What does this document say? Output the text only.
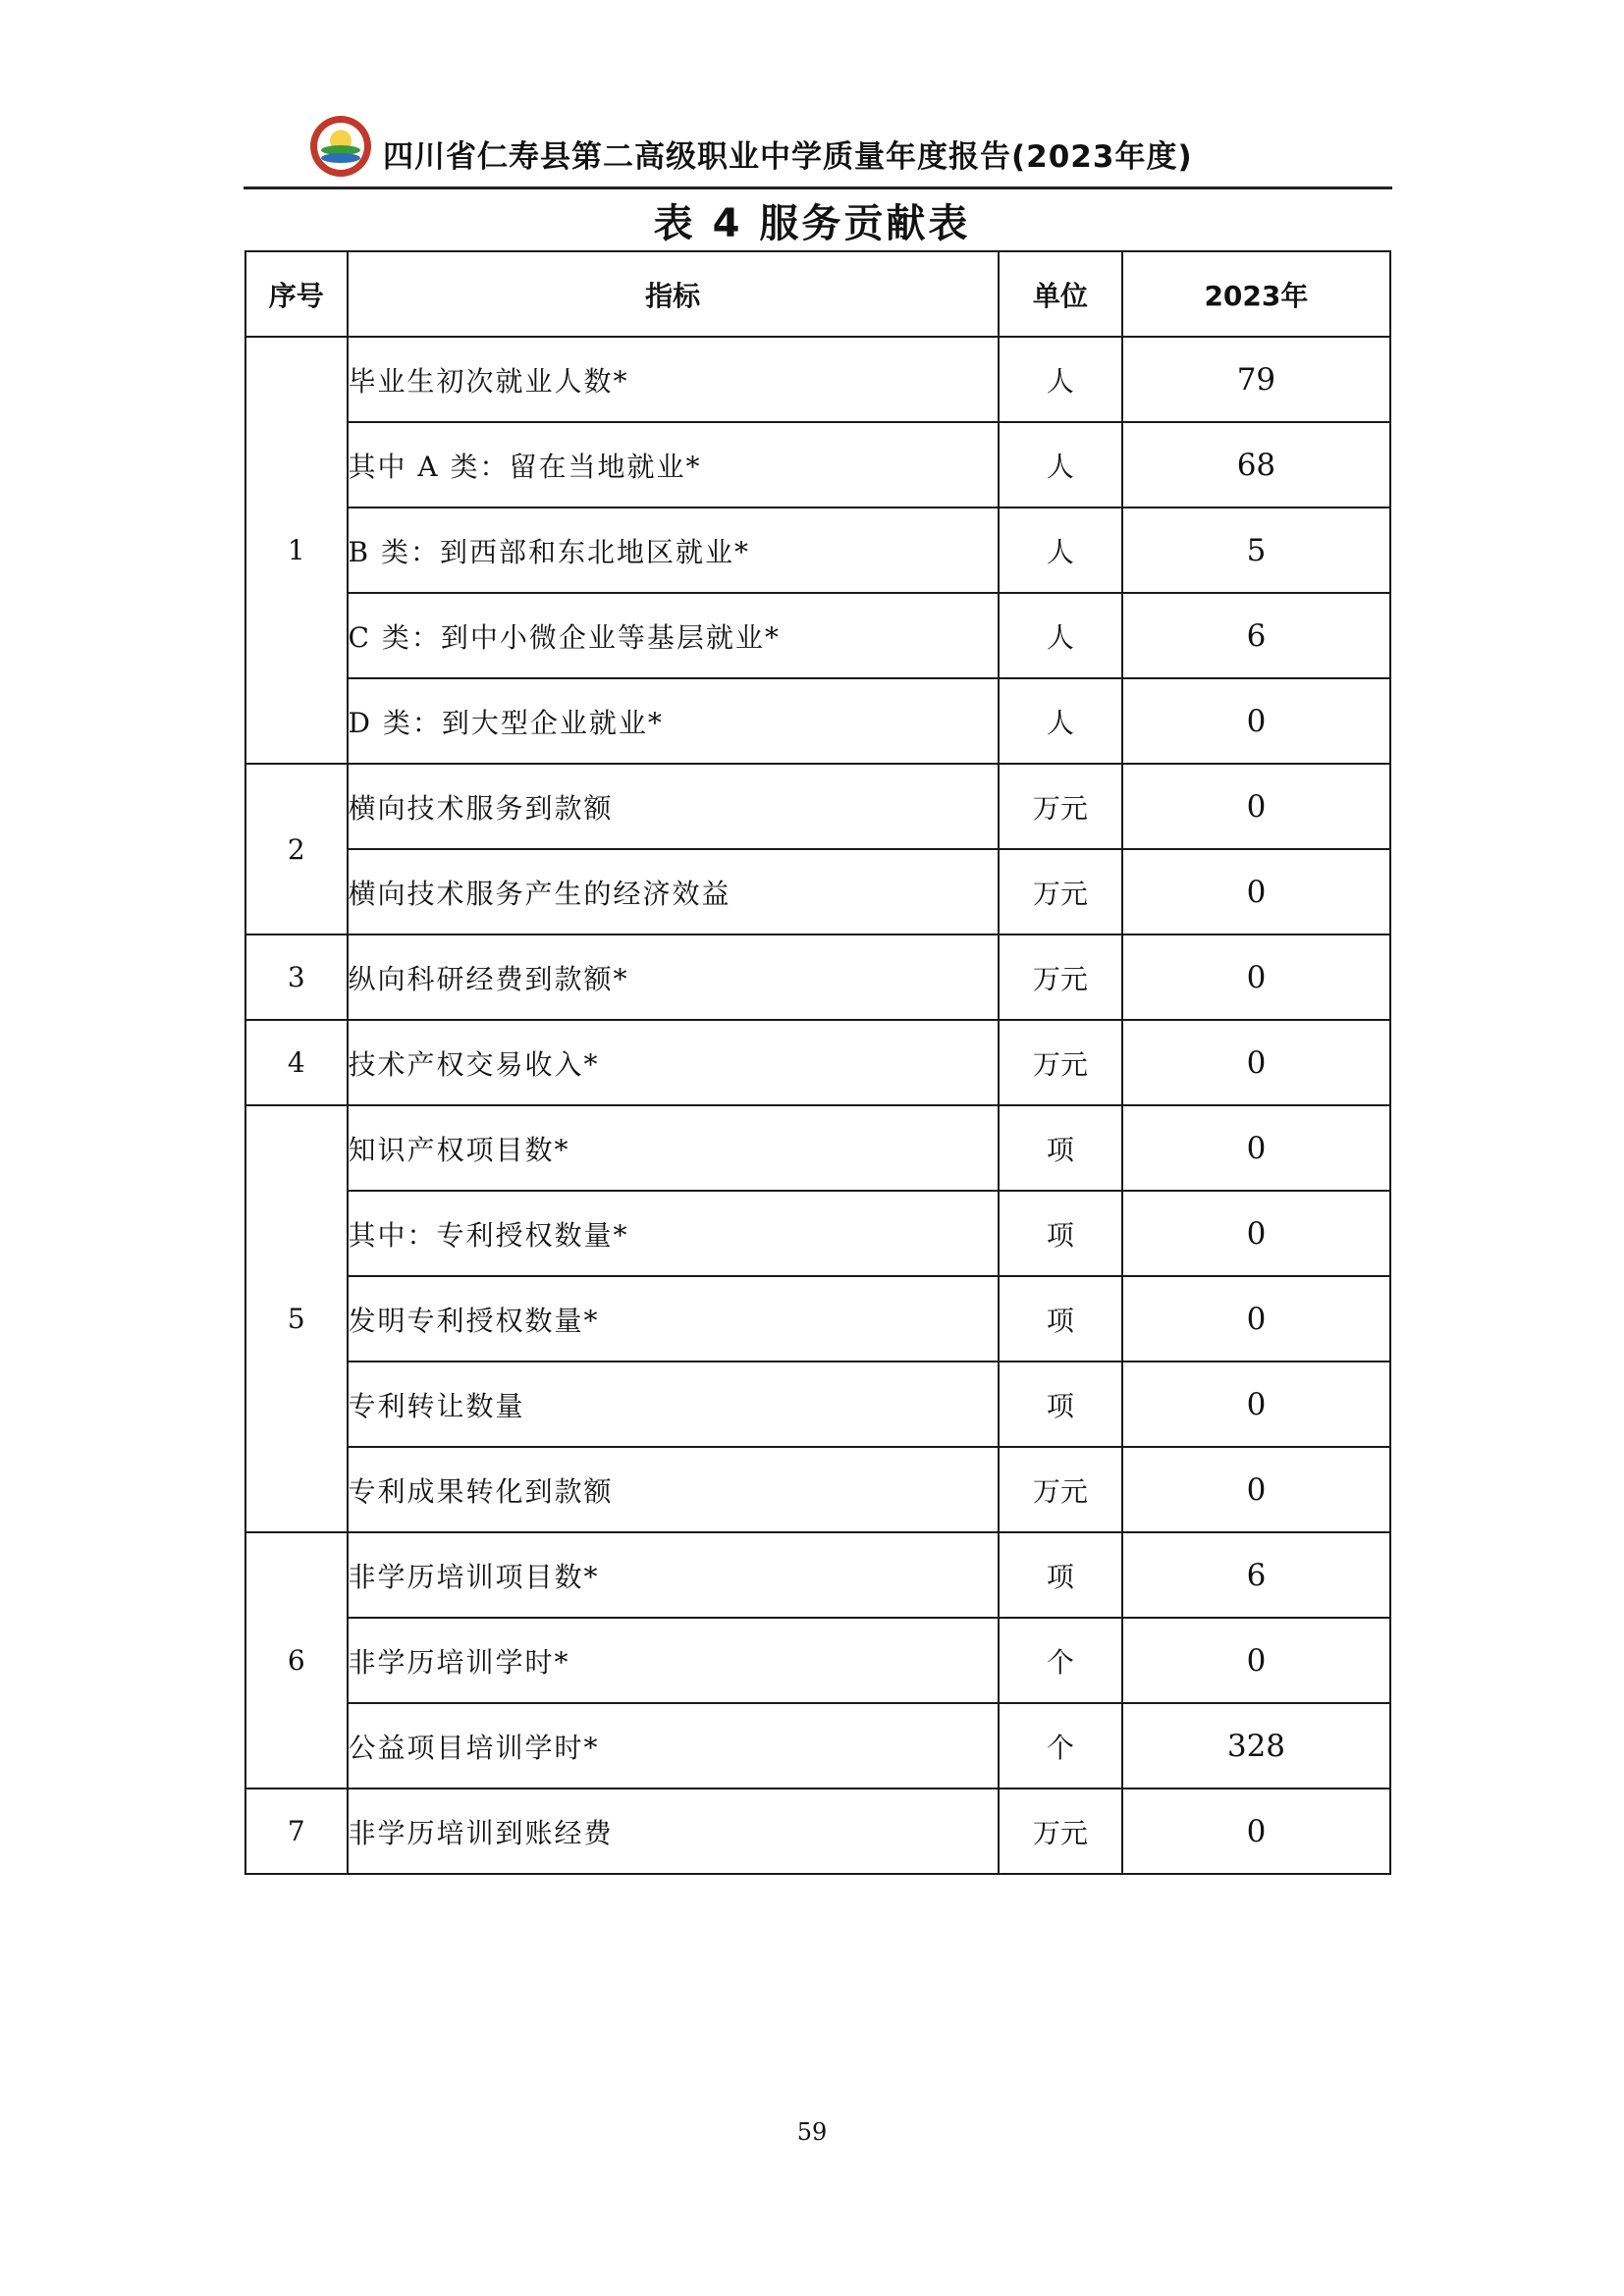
四川省仁寿县第二高级职业中学质量年度报告(2023年度)
表 4 服务贡献表
序号	指标	单位	2023年
1	毕业生初次就业人数*	人	79
	其中 A 类：留在当地就业*	人	68
	B 类：到西部和东北地区就业*	人	5
	C 类：到中小微企业等基层就业*	人	6
	D 类：到大型企业就业*	人	0
2	横向技术服务到款额	万元	0
	横向技术服务产生的经济效益	万元	0
3	纵向科研经费到款额*	万元	0
4	技术产权交易收入*	万元	0
5	知识产权项目数*	项	0
	其中：专利授权数量*	项	0
	发明专利授权数量*	项	0
	专利转让数量	项	0
	专利成果转化到款额	万元	0
6	非学历培训项目数*	项	6
	非学历培训学时*	个	0
	公益项目培训学时*	个	328
7	非学历培训到账经费	万元	0
59
